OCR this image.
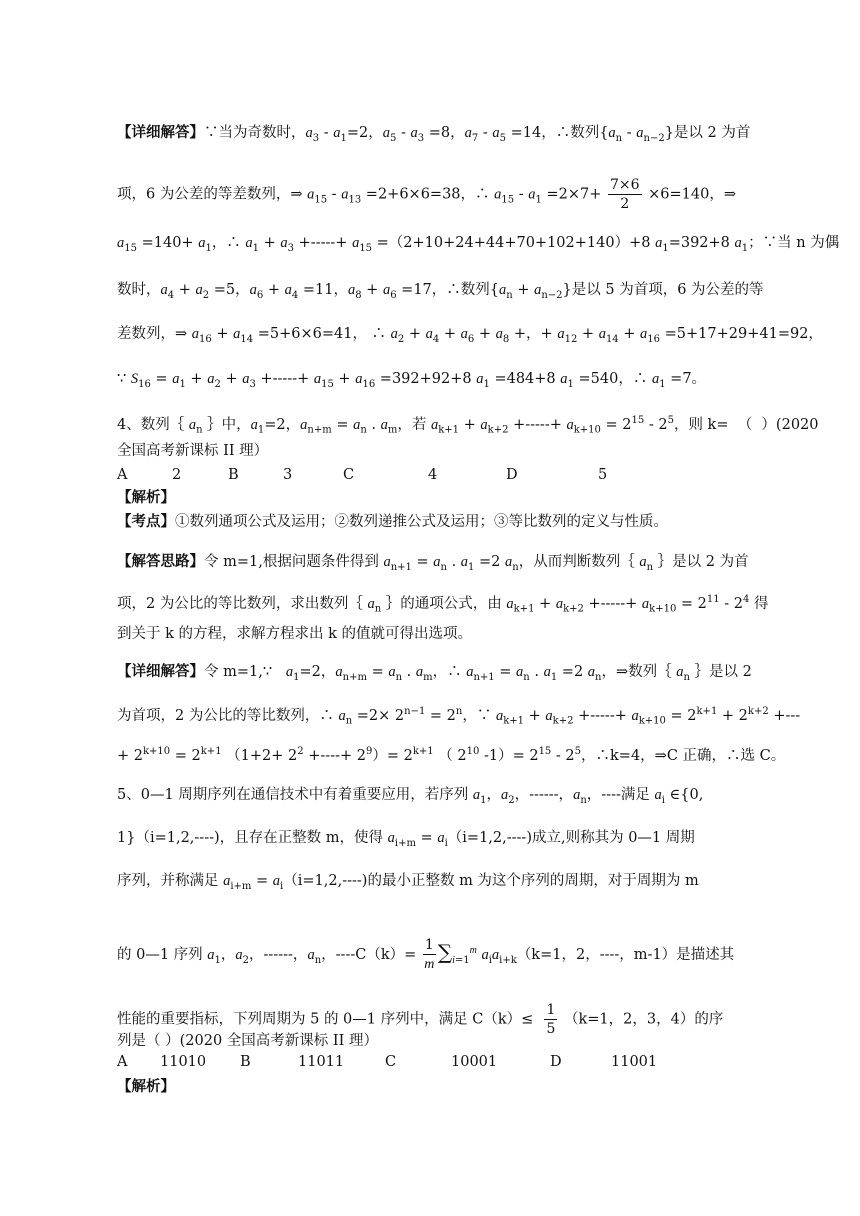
【详细解答】∵当为奇数时，$a_3 - a_1=2$，$a_5 - a_3 =8$，$a_7 - a_5 =14$，∴数列$\{a_n - a_{n-2}\}$是以 2 为首
项，6 为公差的等差数列，⇒ $a_{15} - a_{13} =2+6\times 6=38$，∴ $a_{15} - a_1 =2\times 7+ \frac{7\times 6}{2} \times 6=140$，⇒
$a_{15} =140+ a_1$，∴ $a_1 + a_3$ +-----+ $a_{15} =(2+10+24+44+70+102+140)+8$ $a_1=392+8$ $a_1$；∵当 n 为偶
数时，$a_4 + a_2 =5$，$a_6 + a_4 =11$，$a_8 + a_6 =17$，∴数列$\{a_n + a_{n-2}\}$是以 5 为首项，6 为公差的等
差数列，⇒ $a_{16} + a_{14} =5+6\times 6=41$， ∴ $a_2 + a_4 + a_6 + a_8$ +，+ $a_{12} + a_{14} + a_{16} =5+17+29+41=92$，
∵ $S_{16} = a_1 + a_2 + a_3$ +-----+ $a_{15} + a_{16} =392+92+8$ $a_1 =484+8$ $a_1 =540$，∴ $a_1 =7$。
4、数列｛ $a_n$ ｝中，$a_1=2$，$a_{n+m} = a_n$ . $a_m$，若 $a_{k+1} + a_{k+2}$ +-----+ $a_{k+10} = 2^{15} - 2^5$，则 k=  （  ）(2020
全国高考新课标 II 理）
A	2	B	3	C	4	D	5
【解析】
【考点】①数列通项公式及运用；②数列递推公式及运用；③等比数列的定义与性质。
【解答思路】令 m=1,根据问题条件得到 $a_{n+1} = a_n$ . $a_1 =2$ $a_n$，从而判断数列｛ $a_n$ ｝是以 2 为首
项，2 为公比的等比数列，求出数列｛ $a_n$ ｝的通项公式，由 $a_{k+1} + a_{k+2}$ +-----+ $a_{k+10} = 2^{11} - 2^4$ 得
到关于 k 的方程，求解方程求出 k 的值就可得出选项。
【详细解答】令 m=1,∵   $a_1=2$，$a_{n+m} = a_n$ . $a_m$，∴ $a_{n+1} = a_n$ . $a_1 =2$ $a_n$，⇒数列｛ $a_n$ ｝是以 2
为首项，2 为公比的等比数列，∴ $a_n =2\times 2^{n-1} = 2^n$，∵ $a_{k+1} + a_{k+2}$ +-----+ $a_{k+10} = 2^{k+1} + 2^{k+2}$ +---
+ $2^{k+10} = 2^{k+1}$ （$1+2+ 2^2$ +----+ $2^9)= 2^{k+1}$ （ $2^{10}$ $-1)= 2^{15} - 2^5$，∴k=4，⇒C 正确，∴选 C。
5、0—1 周期序列在通信技术中有着重要应用，若序列 $a_1$，$a_2$，------，$a_n$，----满足 $a_i$ ∈{0,
1}（i=1,2,----)，且存在正整数 m，使得 $a_{i+m} = a_i(i=1,2,----)$成立,则称其为 0—1 周期
序列，并称满足 $a_{i+m} = a_i(i=1,2,----)$的最小正整数 m 为这个序列的周期，对于周期为 m
的 0—1 序列 $a_1$，$a_2$，------，$a_n$，$----C(k)= \frac{1}{m} \sum_{i=1}^m$ $a_ia_{i+k}(k=1$，2，----，m-1）是描述其
性能的重要指标，下列周期为 5 的 0—1 序列中，满足 $C(k)\le \frac{1}{5} (k=1$，2，3，4）的序
列是（ ）(2020 全国高考新课标 II 理）
A 11010 B	11011	C	10001	D	11001
【解析】
